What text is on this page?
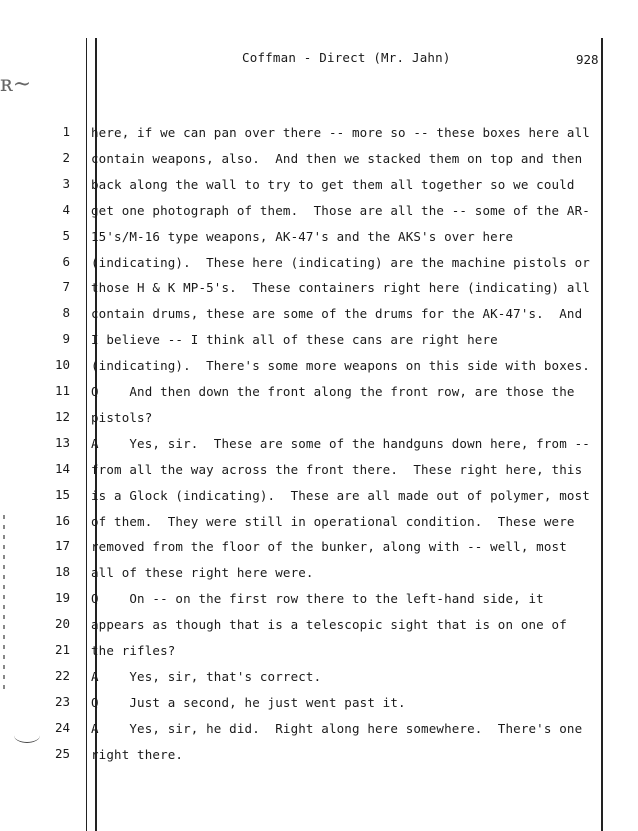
ʀ~
Coffman - Direct (Mr. Jahn)	928
1 here, if we can pan over there -- more so -- these boxes here all
2 contain weapons, also.  And then we stacked them on top and then
3 back along the wall to try to get them all together so we could
4 get one photograph of them.  Those are all the -- some of the AR-
5 15's/M-16 type weapons, AK-47's and the AKS's over here
6 (indicating).  These here (indicating) are the machine pistols or
7 those H & K MP-5's.  These containers right here (indicating) all
8 contain drums, these are some of the drums for the AK-47's.  And
9 I believe -- I think all of these cans are right here
10 (indicating).  There's some more weapons on this side with boxes.
11 Q    And then down the front along the front row, are those the
12 pistols?
13 A    Yes, sir.  These are some of the handguns down here, from --
14 from all the way across the front there.  These right here, this
15 is a Glock (indicating).  These are all made out of polymer, most
16 of them.  They were still in operational condition.  These were
17 removed from the floor of the bunker, along with -- well, most
18 all of these right here were.
19 Q    On -- on the first row there to the left-hand side, it
20 appears as though that is a telescopic sight that is on one of
21 the rifles?
22 A    Yes, sir, that's correct.
23 Q    Just a second, he just went past it.
24 A    Yes, sir, he did.  Right along here somewhere.  There's one
25 right there.
